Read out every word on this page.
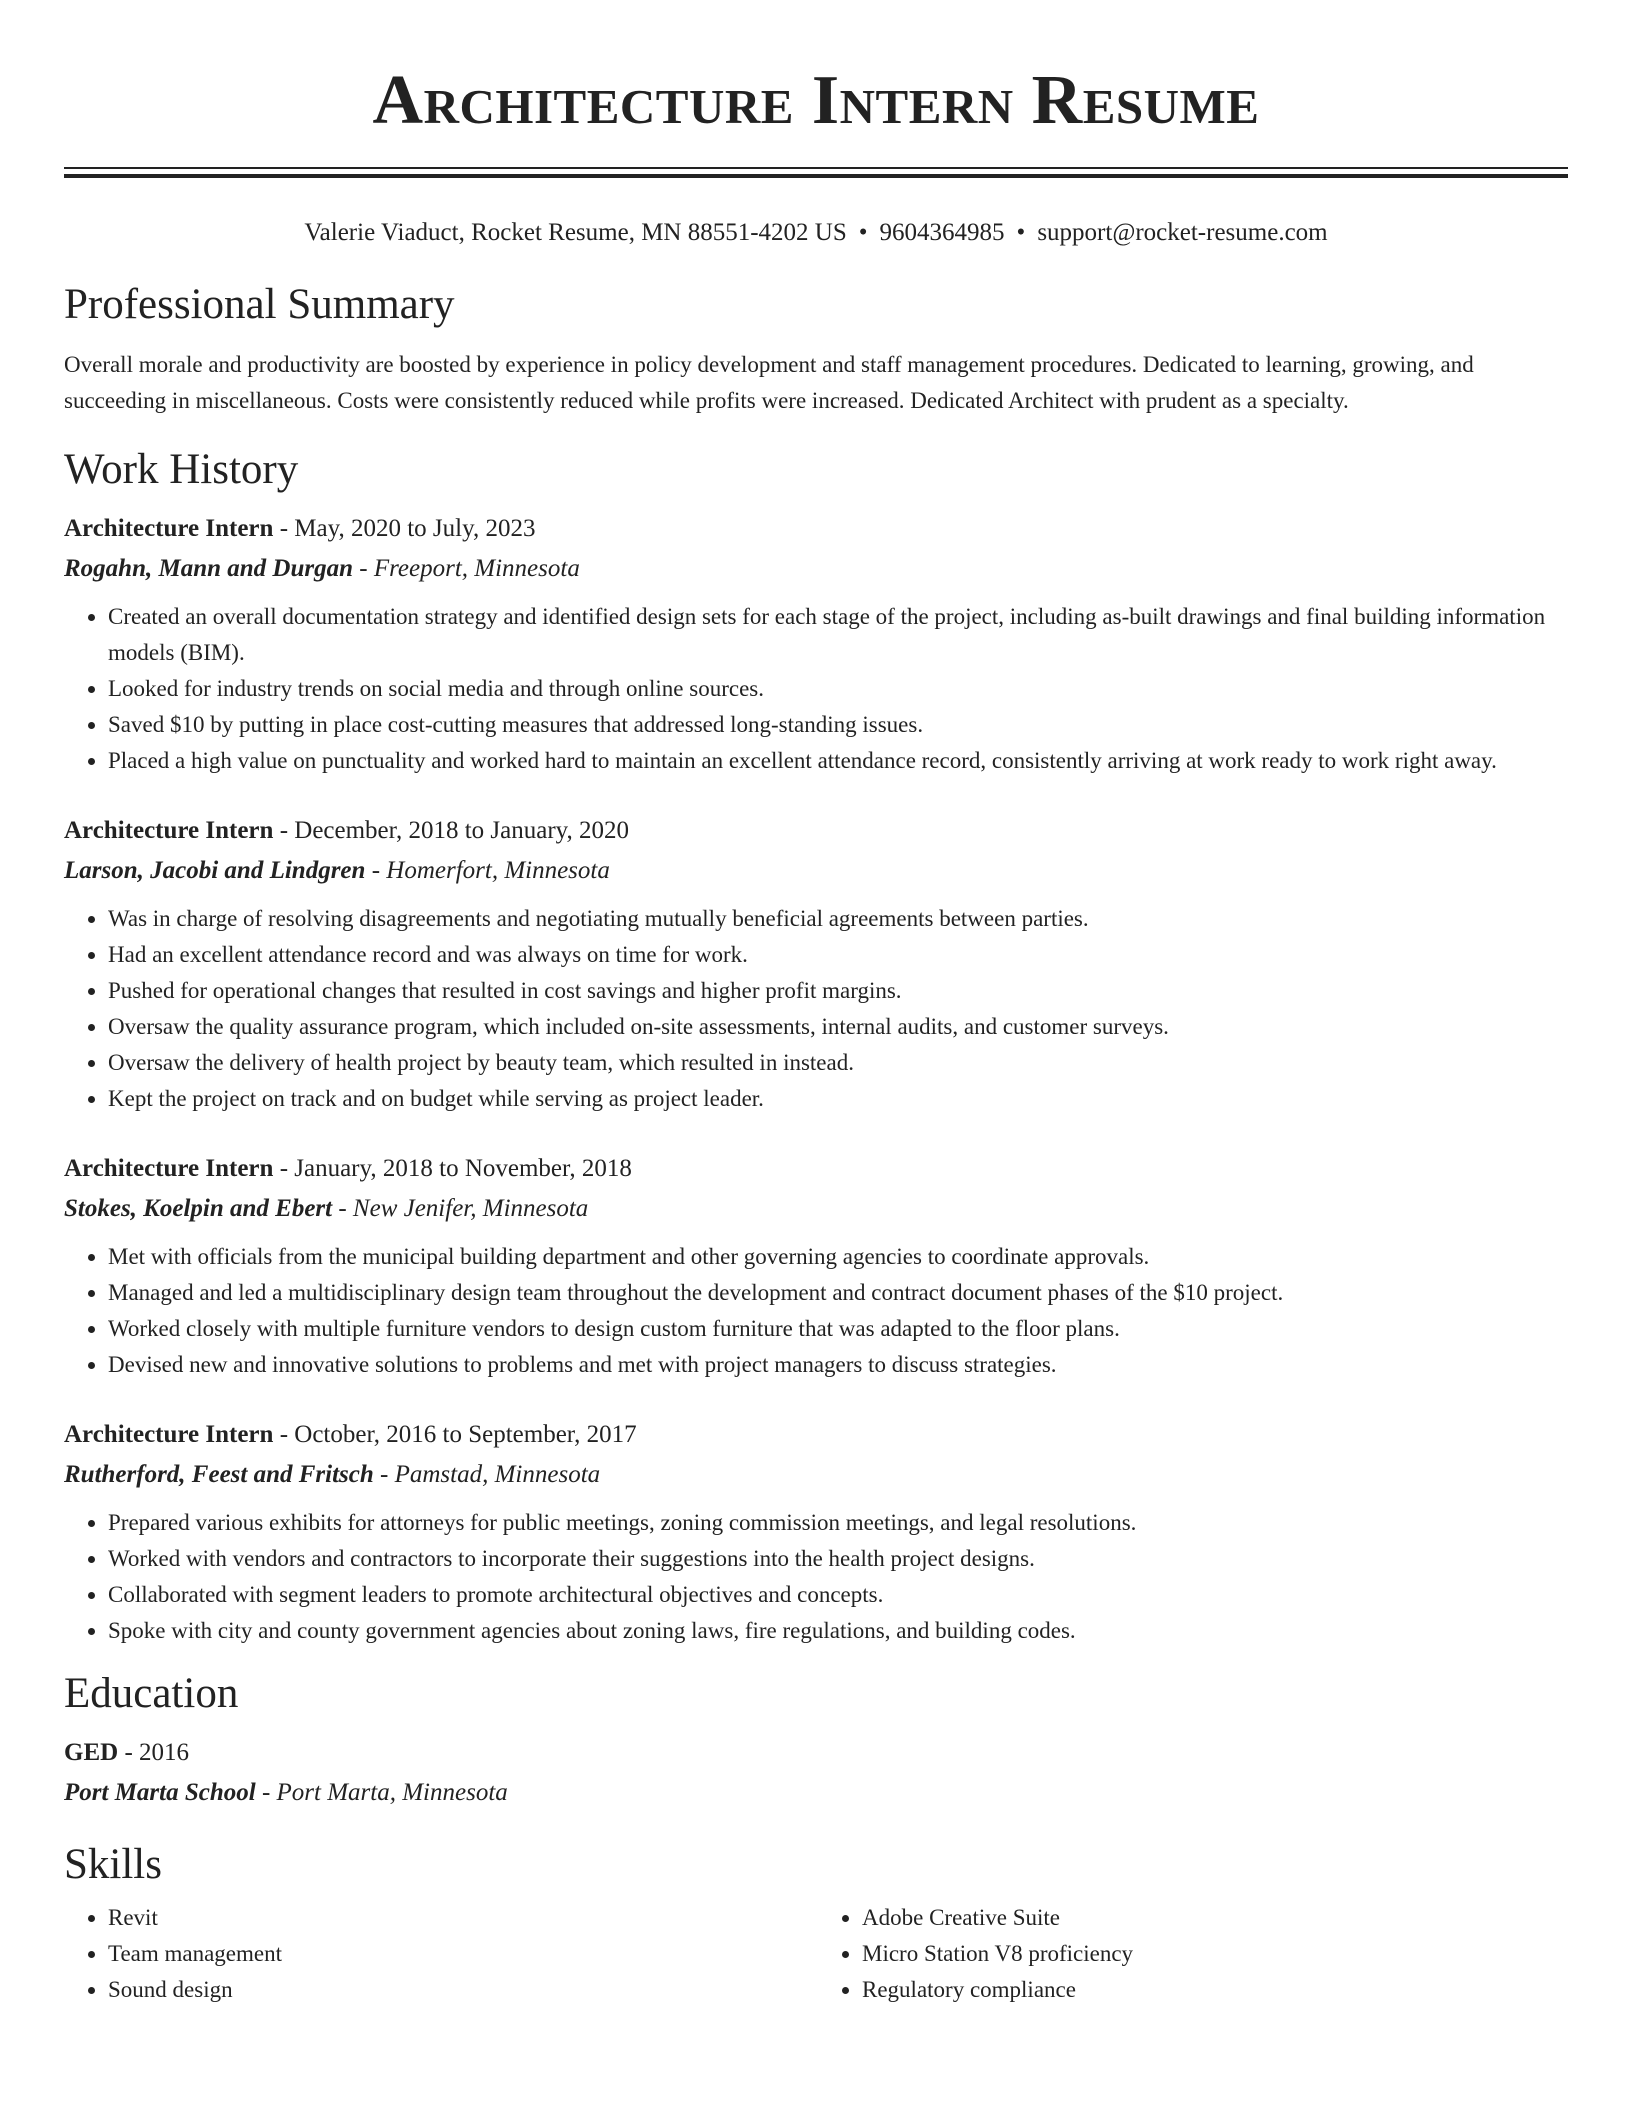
Architecture Intern Resume
Valerie Viaduct, Rocket Resume, MN 88551-4202 US • 9604364985 • support@rocket-resume.com
Professional Summary

Overall morale and productivity are boosted by experience in policy development and staff management procedures. Dedicated to learning, growing, and succeeding in miscellaneous. Costs were consistently reduced while profits were increased. Dedicated Architect with prudent as a specialty.

Work History
Architecture Intern - May, 2020 to July, 2023
Rogahn, Mann and Durgan - Freeport, Minnesota
• Created an overall documentation strategy and identified design sets for each stage of the project, including as-built drawings and final building information models (BIM).
• Looked for industry trends on social media and through online sources.
• Saved $10 by putting in place cost-cutting measures that addressed long-standing issues.
• Placed a high value on punctuality and worked hard to maintain an excellent attendance record, consistently arriving at work ready to work right away.
Architecture Intern - December, 2018 to January, 2020
Larson, Jacobi and Lindgren - Homerfort, Minnesota
• Was in charge of resolving disagreements and negotiating mutually beneficial agreements between parties.
• Had an excellent attendance record and was always on time for work.
• Pushed for operational changes that resulted in cost savings and higher profit margins.
• Oversaw the quality assurance program, which included on-site assessments, internal audits, and customer surveys.
• Oversaw the delivery of health project by beauty team, which resulted in instead.
• Kept the project on track and on budget while serving as project leader.
Architecture Intern - January, 2018 to November, 2018
Stokes, Koelpin and Ebert - New Jenifer, Minnesota
• Met with officials from the municipal building department and other governing agencies to coordinate approvals.
• Managed and led a multidisciplinary design team throughout the development and contract document phases of the $10 project.
• Worked closely with multiple furniture vendors to design custom furniture that was adapted to the floor plans.
• Devised new and innovative solutions to problems and met with project managers to discuss strategies.
Architecture Intern - October, 2016 to September, 2017
Rutherford, Feest and Fritsch - Pamstad, Minnesota
• Prepared various exhibits for attorneys for public meetings, zoning commission meetings, and legal resolutions.
• Worked with vendors and contractors to incorporate their suggestions into the health project designs.
• Collaborated with segment leaders to promote architectural objectives and concepts.
• Spoke with city and county government agencies about zoning laws, fire regulations, and building codes.
Education
GED - 2016
Port Marta School - Port Marta, Minnesota
Skills
• Revit
• Team management
• Sound design
• Adobe Creative Suite
• Micro Station V8 proficiency
• Regulatory compliance
